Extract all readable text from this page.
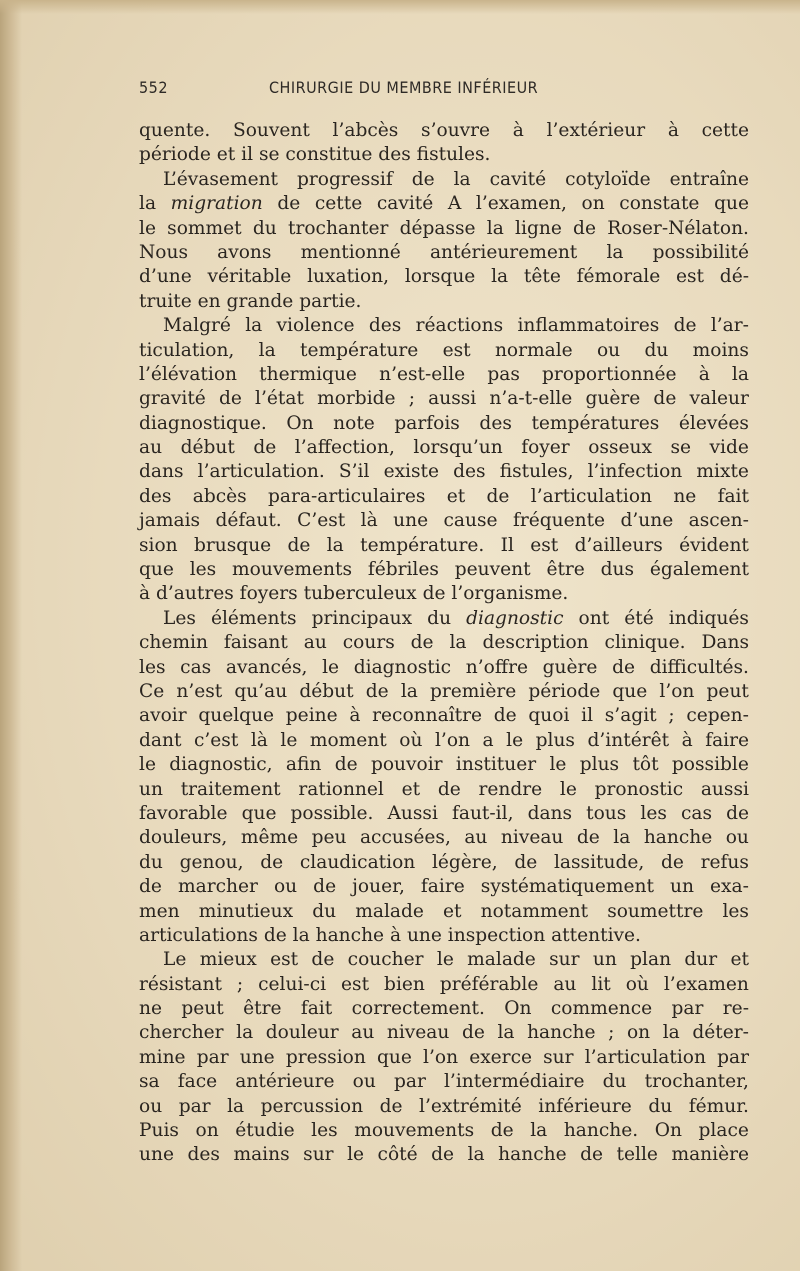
552	CHIRURGIE DU MEMBRE INFÉRIEUR
quente. Souvent l’abcès s’ouvre à l’extérieur à cette
période et il se constitue des fistules.
L’évasement progressif de la cavité cotyloïde entraîne
la migration de cette cavité A l’examen, on constate que
le sommet du trochanter dépasse la ligne de Roser-Nélaton.
Nous avons mentionné antérieurement la possibilité
d’une véritable luxation, lorsque la tête fémorale est dé-
truite en grande partie.
Malgré la violence des réactions inflammatoires de l’ar-
ticulation, la température est normale ou du moins
l’élévation thermique n’est-elle pas proportionnée à la
gravité de l’état morbide ; aussi n’a-t-elle guère de valeur
diagnostique. On note parfois des températures élevées
au début de l’affection, lorsqu’un foyer osseux se vide
dans l’articulation. S’il existe des fistules, l’infection mixte
des abcès para-articulaires et de l’articulation ne fait
jamais défaut. C’est là une cause fréquente d’une ascen-
sion brusque de la température. Il est d’ailleurs évident
que les mouvements fébriles peuvent être dus également
à d’autres foyers tuberculeux de l’organisme.
Les éléments principaux du diagnostic ont été indiqués
chemin faisant au cours de la description clinique. Dans
les cas avancés, le diagnostic n’offre guère de difficultés.
Ce n’est qu’au début de la première période que l’on peut
avoir quelque peine à reconnaître de quoi il s’agit ; cepen-
dant c’est là le moment où l’on a le plus d’intérêt à faire
le diagnostic, afin de pouvoir instituer le plus tôt possible
un traitement rationnel et de rendre le pronostic aussi
favorable que possible. Aussi faut-il, dans tous les cas de
douleurs, même peu accusées, au niveau de la hanche ou
du genou, de claudication légère, de lassitude, de refus
de marcher ou de jouer, faire systématiquement un exa-
men minutieux du malade et notamment soumettre les
articulations de la hanche à une inspection attentive.
Le mieux est de coucher le malade sur un plan dur et
résistant ; celui-ci est bien préférable au lit où l’examen
ne peut être fait correctement. On commence par re-
chercher la douleur au niveau de la hanche ; on la déter-
mine par une pression que l’on exerce sur l’articulation par
sa face antérieure ou par l’intermédiaire du trochanter,
ou par la percussion de l’extrémité inférieure du fémur.
Puis on étudie les mouvements de la hanche. On place
une des mains sur le côté de la hanche de telle manière
